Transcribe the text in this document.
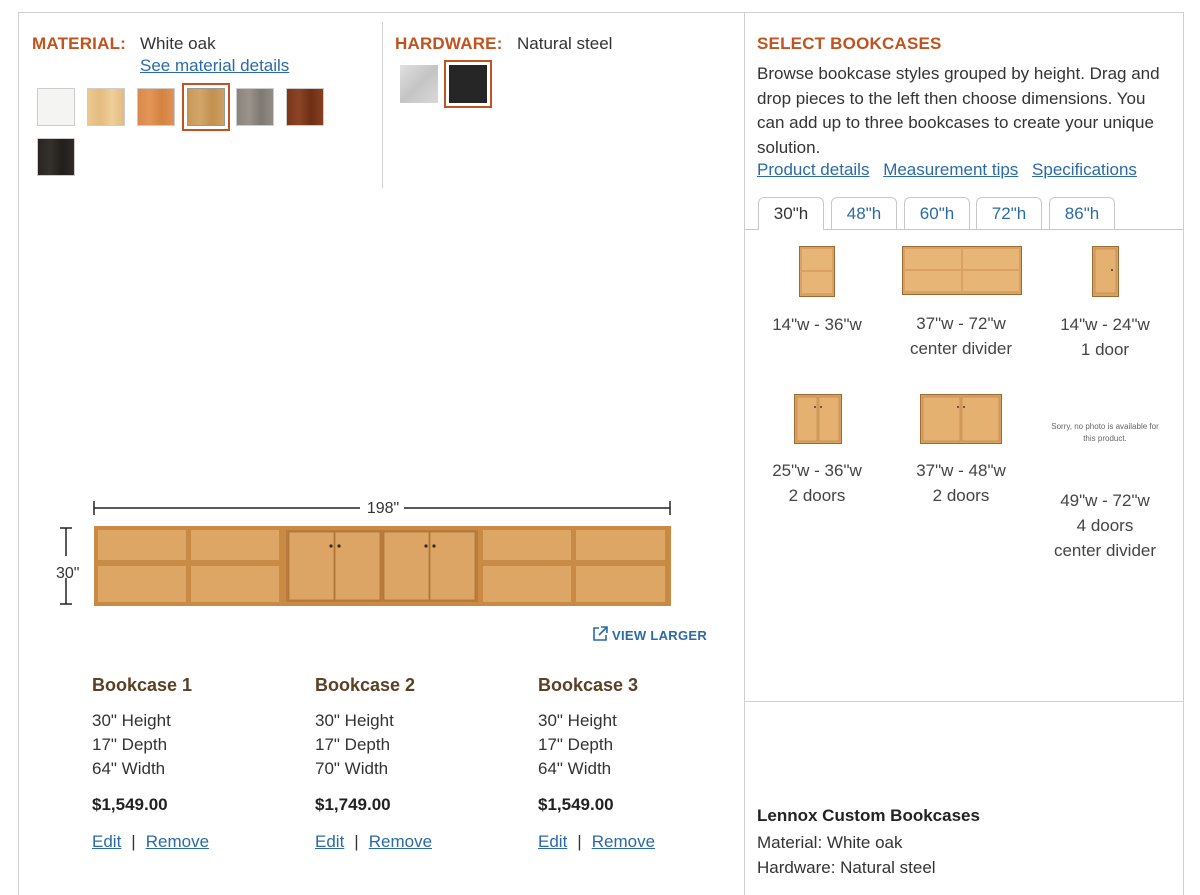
MATERIAL: White oak
See material details
HARDWARE: Natural steel	SELECT BOOKCASES
Browse bookcase styles grouped by height. Drag and drop pieces to the left then choose dimensions. You can add up to three bookcases to create your unique solution.
Product details Measurement tips Specifications
30"h	48"h	60"h	72"h	86"h
14"w - 36"w	37"w - 72"w
center divider
14"w - 24"w
1 door
25"w - 36"w
2 doors
37"w - 48"w
2 doors
Sorry, no photo is available for this product.
49"w - 72"w
4 doors
center divider
Lennox Custom Bookcases
Material: White oak
Hardware: Natural steel
198"
30"
VIEW LARGER
Bookcase 1
30" Height
17" Depth
64" Width
$1,549.00
Edit | Remove
Bookcase 2
30" Height
17" Depth
70" Width
$1,749.00
Edit | Remove
Bookcase 3
30" Height
17" Depth
64" Width
$1,549.00
Edit | Remove
